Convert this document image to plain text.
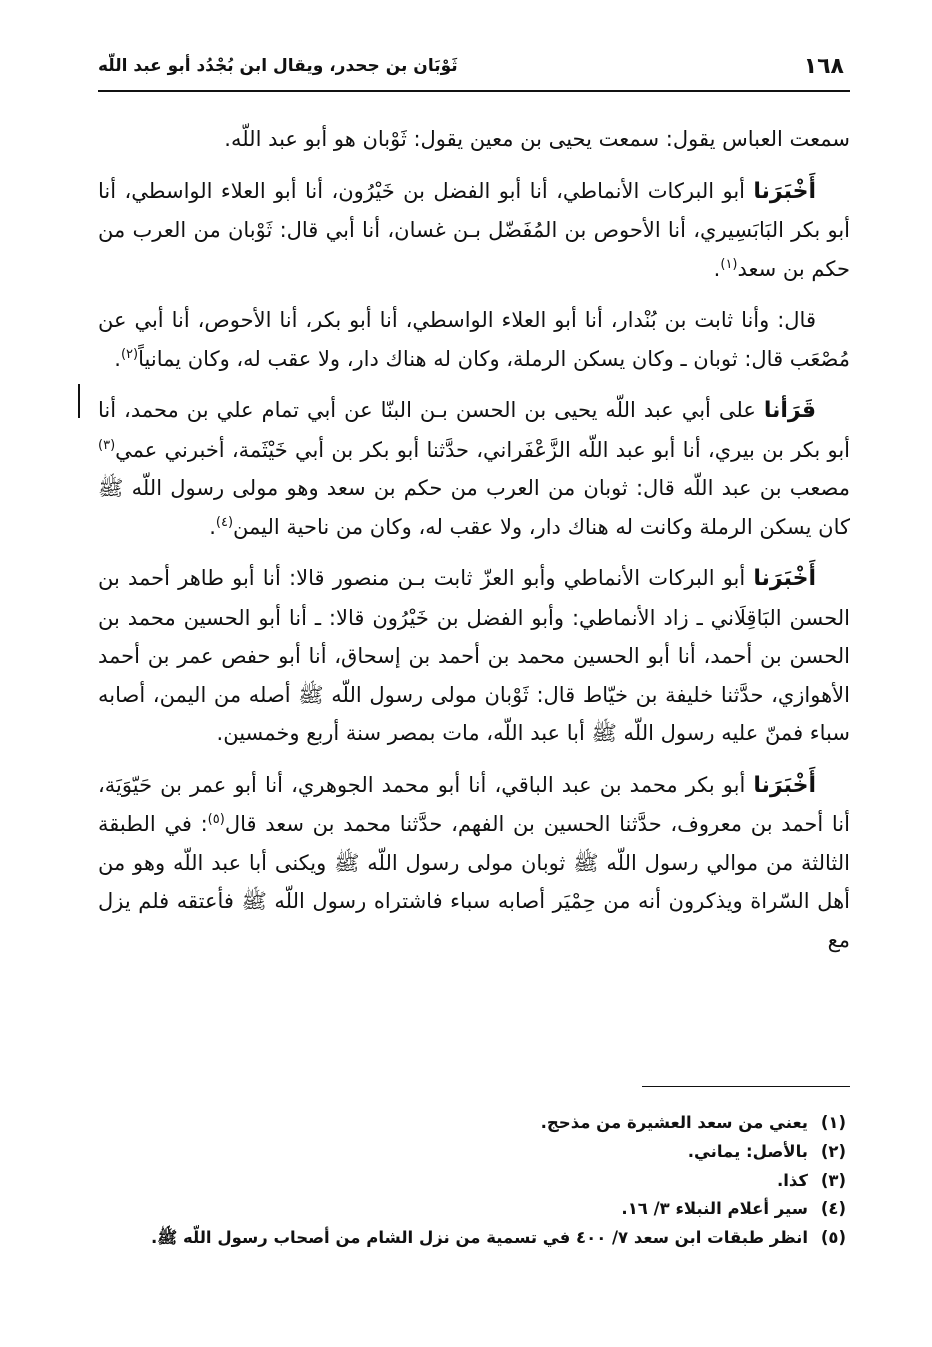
١٦٨
ثَوْبَان بن جحدر، ويقال ابن بُجْدُد أبو عبد اللّه

سمعت العباس يقول: سمعت يحيى بن معين يقول: ثَوْبان هو أبو عبد اللّه.

أَخْبَرَنا أبو البركات الأنماطي، أنا أبو الفضل بن خَيْرُون، أنا أبو العلاء الواسطي، أنا أبو بكر البَابَسِيري، أنا الأحوص بن المُفَضّل بـن غسان، أنا أبي قال: ثَوْبان من العرب من حكم بن سعد$^{(١)}$.

قال: وأنا ثابت بن بُنْدار، أنا أبو العلاء الواسطي، أنا أبو بكر، أنا الأحوص، أنا أبي عن مُصْعَب قال: ثوبان ـ وكان يسكن الرملة، وكان له هناك دار، ولا عقب له، وكان يمانياً$^{(٢)}$.

قَرَأنا على أبي عبد اللّه يحيى بن الحسن بـن البنّا عن أبي تمام علي بن محمد، أنا أبو بكر بن بيري، أنا أبو عبد اللّه الزَّعْفَراني، حدَّثنا أبو بكر بن أبي خَيْثَمة، أخبرني عمي$^{(٣)}$ مصعب بن عبد اللّه قال: ثوبان من العرب من حكم بن سعد وهو مولى رسول اللّه ﷺ كان يسكن الرملة وكانت له هناك دار، ولا عقب له، وكان من ناحية اليمن$^{(٤)}$.

أَخْبَرَنا أبو البركات الأنماطي وأبو العزّ ثابت بـن منصور قالا: أنا أبو طاهر أحمد بن الحسن البَاقِلَاني ـ زاد الأنماطي: وأبو الفضل بن خَيْرُون قالا: ـ أنا أبو الحسين محمد بن الحسن بن أحمد، أنا أبو الحسين محمد بن أحمد بن إسحاق، أنا أبو حفص عمر بن أحمد الأهوازي، حدَّثنا خليفة بن خيّاط قال: ثَوْبان مولى رسول اللّه ﷺ أصله من اليمن، أصابه سباء فمنّ عليه رسول اللّه ﷺ أبا عبد اللّه، مات بمصر سنة أربع وخمسين.

أَخْبَرَنا أبو بكر محمد بن عبد الباقي، أنا أبو محمد الجوهري، أنا أبو عمر بن حَيّوَيَة، أنا أحمد بن معروف، حدَّثنا الحسين بن الفهم، حدَّثنا محمد بن سعد قال$^{(٥)}$: في الطبقة الثالثة من موالي رسول اللّه ﷺ ثوبان مولى رسول اللّه ﷺ ويكنى أبا عبد اللّه وهو من أهل السّراة ويذكرون أنه من حِمْيَر أصابه سباء فاشتراه رسول اللّه ﷺ فأعتقه فلم يزل مع

(١)
يعني من سعد العشيرة من مذحج.
(٢)
بالأصل: يماني.
(٣)
كذا.
(٤)
سير أعلام النبلاء ٣/ ١٦.
(٥)
انظر طبقات ابن سعد ٧/ ٤٠٠ في تسمية من نزل الشام من أصحاب رسول اللّه ﷺ.
